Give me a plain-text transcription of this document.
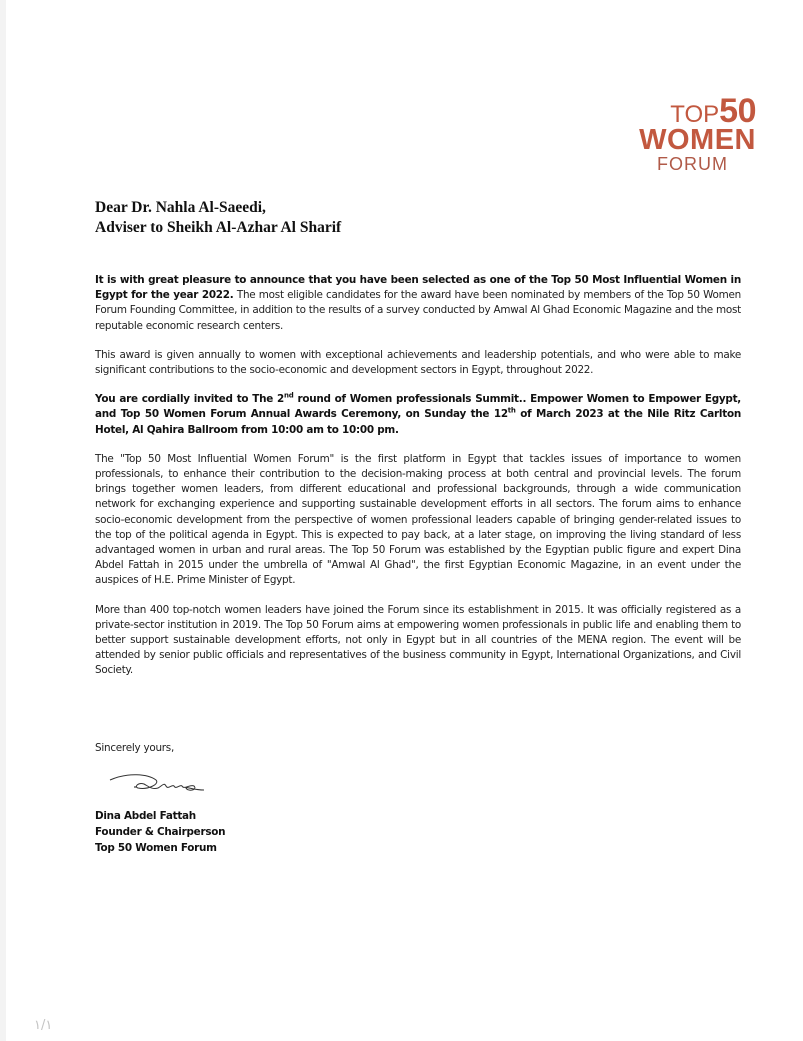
TOP50
WOMEN
FORUM
Dear Dr. Nahla Al-Saeedi,
Adviser to Sheikh Al-Azhar Al Sharif

It is with great pleasure to announce that you have been selected as one of the Top 50 Most Influential Women in Egypt for the year 2022. The most eligible candidates for the award have been nominated by members of the Top 50 Women Forum Founding Committee, in addition to the results of a survey conducted by Amwal Al Ghad Economic Magazine and the most reputable economic research centers.

This award is given annually to women with exceptional achievements and leadership potentials, and who were able to make significant contributions to the socio-economic and development sectors in Egypt, throughout 2022.

You are cordially invited to The 2nd round of Women professionals Summit.. Empower Women to Empower Egypt, and Top 50 Women Forum Annual Awards Ceremony, on Sunday the 12th of March 2023 at the Nile Ritz Carlton Hotel, Al Qahira Ballroom from 10:00 am to 10:00 pm.

The "Top 50 Most Influential Women Forum" is the first platform in Egypt that tackles issues of importance to women professionals, to enhance their contribution to the decision-making process at both central and provincial levels. The forum brings together women leaders, from different educational and professional backgrounds, through a wide communication network for exchanging experience and supporting sustainable development efforts in all sectors. The forum aims to enhance socio-economic development from the perspective of women professional leaders capable of bringing gender-related issues to the top of the political agenda in Egypt. This is expected to pay back, at a later stage, on improving the living standard of less advantaged women in urban and rural areas. The Top 50 Forum was established by the Egyptian public figure and expert Dina Abdel Fattah in 2015 under the umbrella of "Amwal Al Ghad", the first Egyptian Economic Magazine, in an event under the auspices of H.E. Prime Minister of Egypt.

More than 400 top-notch women leaders have joined the Forum since its establishment in 2015. It was officially registered as a private-sector institution in 2019. The Top 50 Forum aims at empowering women professionals in public life and enabling them to better support sustainable development efforts, not only in Egypt but in all countries of the MENA region. The event will be attended by senior public officials and representatives of the business community in Egypt, International Organizations, and Civil Society.

Sincerely yours,
Dina Abdel Fattah
Founder & Chairperson
Top 50 Women Forum
١/١
